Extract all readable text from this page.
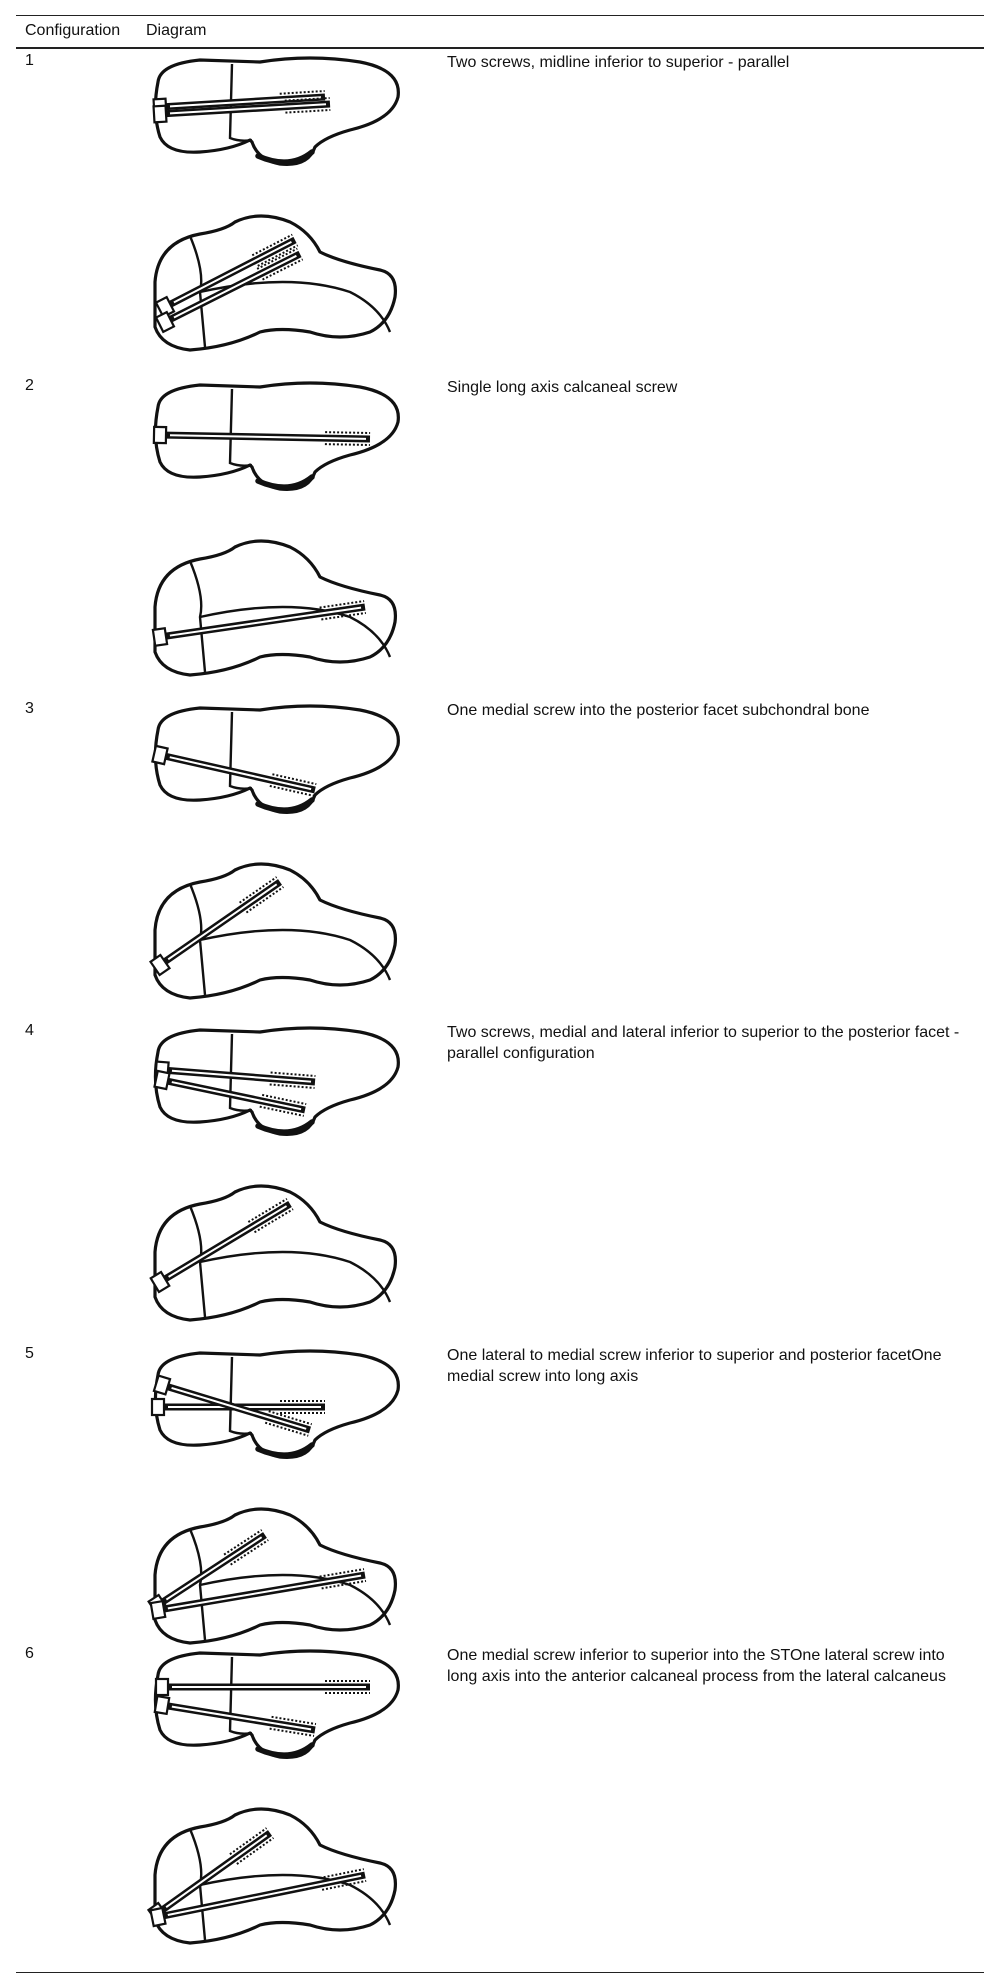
Configuration Diagram
1	Two screws, midline inferior to superior - parallel
2	Single long axis calcaneal screw
3	One medial screw into the posterior facet subchondral bone
4	Two screws, medial and lateral inferior to superior to the posterior facet - parallel configuration
5	One lateral to medial screw inferior to superior and posterior facetOne medial screw into long axis
6	One medial screw inferior to superior into the STOne lateral screw into long axis into the anterior calcaneal process from the lateral calcaneus
